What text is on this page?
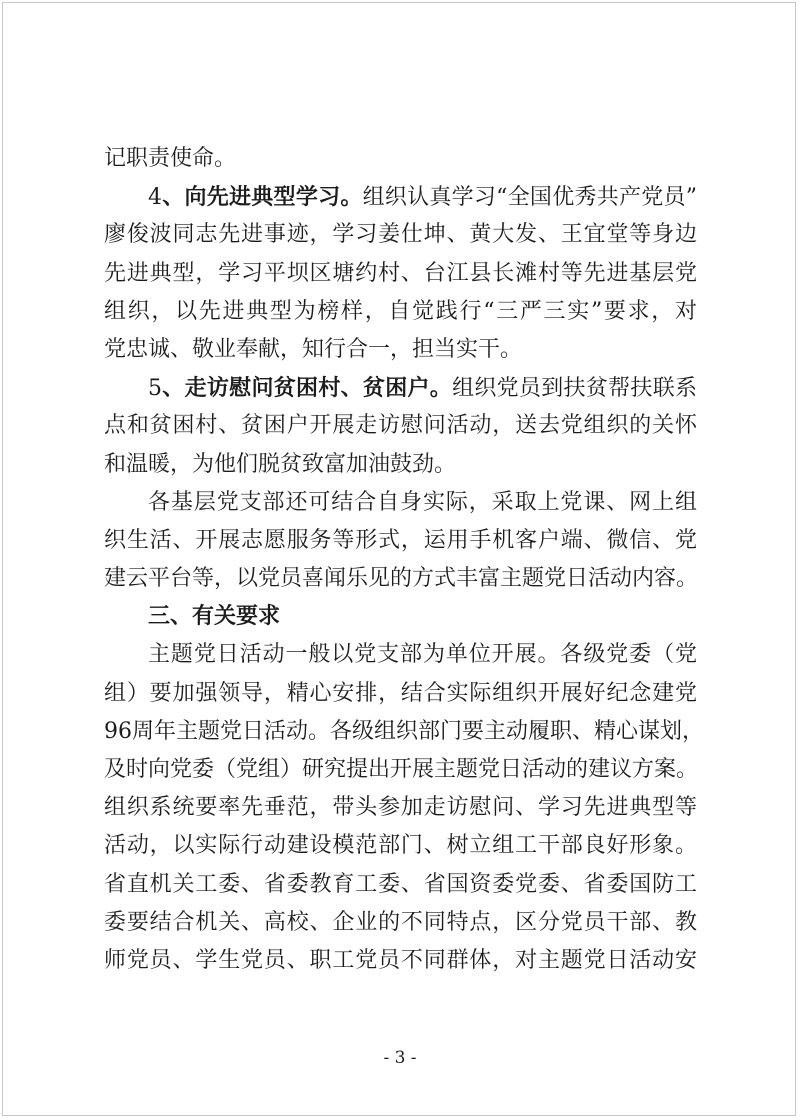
记职责使命。
4、向先进典型学习。组织认真学习“全国优秀共产党员”
廖俊波同志先进事迹，学习姜仕坤、黄大发、王宜堂等身边
先进典型，学习平坝区塘约村、台江县长滩村等先进基层党
组织，以先进典型为榜样，自觉践行“三严三实”要求，对
党忠诚、敬业奉献，知行合一，担当实干。
5、走访慰问贫困村、贫困户。组织党员到扶贫帮扶联系
点和贫困村、贫困户开展走访慰问活动，送去党组织的关怀
和温暖，为他们脱贫致富加油鼓劲。
各基层党支部还可结合自身实际，采取上党课、网上组
织生活、开展志愿服务等形式，运用手机客户端、微信、党
建云平台等，以党员喜闻乐见的方式丰富主题党日活动内容。
三、有关要求
主题党日活动一般以党支部为单位开展。各级党委（党
组）要加强领导，精心安排，结合实际组织开展好纪念建党
96周年主题党日活动。各级组织部门要主动履职、精心谋划，
及时向党委（党组）研究提出开展主题党日活动的建议方案。
组织系统要率先垂范，带头参加走访慰问、学习先进典型等
活动，以实际行动建设模范部门、树立组工干部良好形象。
省直机关工委、省委教育工委、省国资委党委、省委国防工
委要结合机关、高校、企业的不同特点，区分党员干部、教
师党员、学生党员、职工党员不同群体，对主题党日活动安
- 3 -
